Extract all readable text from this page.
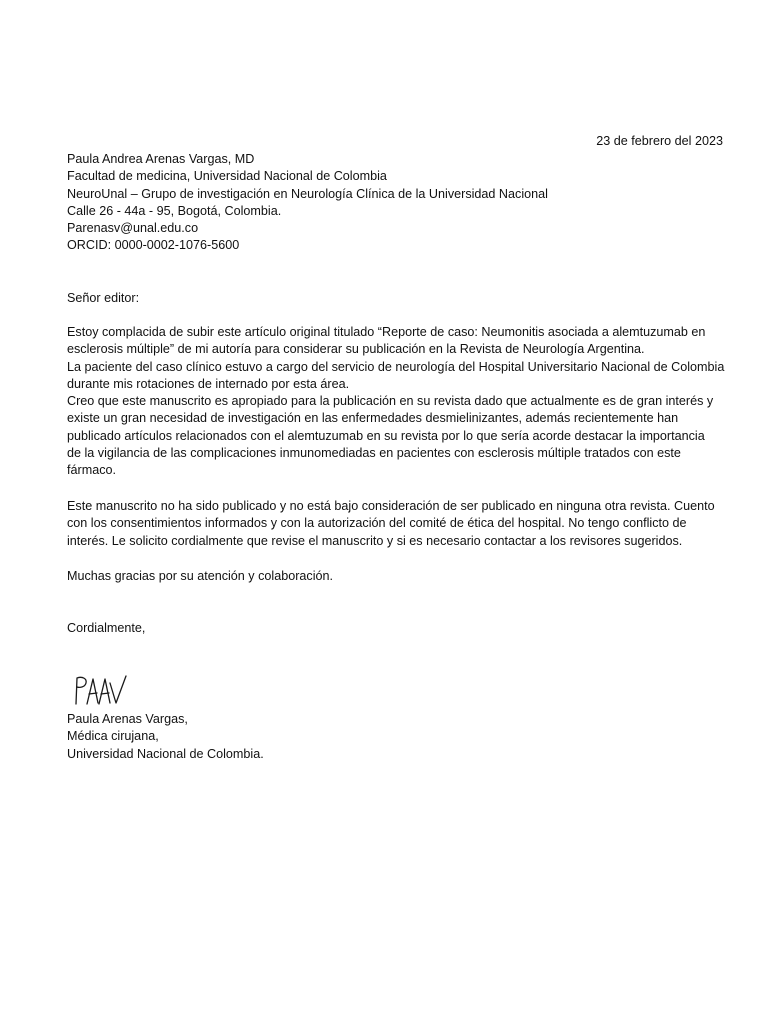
23 de febrero del 2023
Paula Andrea Arenas Vargas, MD
Facultad de medicina, Universidad Nacional de Colombia
NeuroUnal – Grupo de investigación en Neurología Clínica de la Universidad Nacional
Calle 26 - 44a - 95, Bogotá, Colombia.
Parenasv@unal.edu.co
ORCID: 0000-0002-1076-5600
Señor editor:
Estoy complacida de subir este artículo original titulado “Reporte de caso: Neumonitis asociada a alemtuzumab en
esclerosis múltiple” de mi autoría para considerar su publicación en la Revista de Neurología Argentina.
La paciente del caso clínico estuvo a cargo del servicio de neurología del Hospital Universitario Nacional de Colombia
durante mis rotaciones de internado por esta área.
Creo que este manuscrito es apropiado para la publicación en su revista dado que actualmente es de gran interés y
existe un gran necesidad de investigación en las enfermedades desmielinizantes, además recientemente han
publicado artículos relacionados con el alemtuzumab en su revista por lo que sería acorde destacar la importancia
de la vigilancia de las complicaciones inmunomediadas en pacientes con esclerosis múltiple tratados con este
fármaco.
Este manuscrito no ha sido publicado y no está bajo consideración de ser publicado en ninguna otra revista. Cuento
con los consentimientos informados y con la autorización del comité de ética del hospital. No tengo conflicto de
interés. Le solicito cordialmente que revise el manuscrito y si es necesario contactar a los revisores sugeridos.
Muchas gracias por su atención y colaboración.
Cordialmente,
Paula Arenas Vargas,
Médica cirujana,
Universidad Nacional de Colombia.
